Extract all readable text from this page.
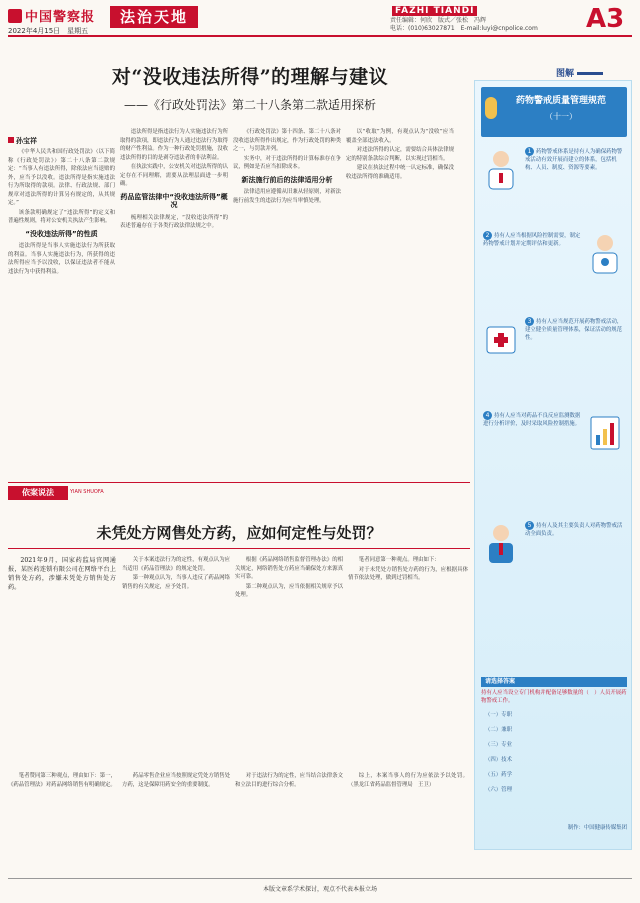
中国警察报	法治天地
2022年4月15日　星期五
FAZHI TIANDI
责任编辑：何欣　版式／张松　冯辉
电话：(010)63027871　E-mail:luyi@cnpolice.com	A3
对“没收违法所得”的理解与建议
——《行政处罚法》第二十八条第二款适用探析
孙宝祥

《中华人民共和国行政处罚法》（以下简称《行政处罚法》）第二十八条第二款规定：“当事人有违法所得，除依法应当退赔的外，应当予以没收。违法所得是指实施违法行为所取得的款项。法律、行政法规、部门规章对违法所得的计算另有规定的，从其规定。”

该条款明确规定了“违法所得”的定义和普遍性规则，将对公安机关执法产生影响。

“没收违法所得”的性质

违法所得是当事人实施违法行为所获取的利益。当事人实施违法行为，所获得的违法所得应当予以没收，以保证违法者不能从违法行为中获得利益。

违法所得是指违法行为人实施违法行为所取得的款项，即违法行为人通过违法行为取得的财产性利益。作为一种行政处罚措施，没收违法所得的目的是剥夺违法者的非法利益。

在执法实践中，公安机关对违法所得的认定存在不同理解，需要从法理层面进一步明确。

药品监管法律中“没收违法所得”概况

梳理相关法律规定，“没收违法所得”的表述普遍存在于各类行政法律法规之中。

《行政处罚法》第十四条、第二十八条对没收违法所得作出规定，作为行政处罚的种类之一，与罚款并列。

实务中，对于违法所得的计算标准存在争议，例如是否应当扣除成本。

新法施行前后的法律适用分析

法律适用应遵循从旧兼从轻原则，对新法施行前发生的违法行为应当审慎处理。

以“收取”为例，有观点认为“没收”应当覆盖全部违法收入。

对违法所得的认定，需要结合具体法律规定的特别条款综合判断，以实现过罚相当。

建议在执法过程中统一认定标准，确保没收违法所得的准确适用。

图解
药物警戒质量管理规范
（十一）
1 药物警戒体系是持有人为确保药物警戒活动有效开展而建立的体系，包括机构、人员、制度、资源等要素。
2 持有人应当根据风险控制需要，制定药物警戒计划并定期评估和更新。
3 持有人应当规范开展药物警戒活动，建立健全质量管理体系，保证活动的规范性。
4 持有人应当对药品不良反应监测数据进行分析评价，及时采取风险控制措施。
5 持有人及其主要负责人对药物警戒活动全面负责。
请选择答案
持有人应当设立专门机构并配备足够数量的（　）人员开展药物警戒工作。
（一）专职
（二）兼职
（三）专业
（四）技术
（五）药学
（六）管理
制作：中国健康传媒集团
依案说法	YIAN SHUOFA
未凭处方网售处方药，应如何定性与处罚？

2021年9月，国家药监局官网通报，某医药连锁有限公司在网络平台上销售处方药，涉嫌未凭处方销售处方药。

关于本案违法行为的定性，有观点认为应当适用《药品管理法》的规定处罚。

第一种观点认为，当事人违反了药品网络销售的有关规定，应予处罚。

根据《药品网络销售监督管理办法》的相关规定，网络销售处方药应当确保处方来源真实可靠。

第二种观点认为，应当依据相关规章予以处理。

笔者同意第一种观点。理由如下：

对于未凭处方销售处方药的行为，应根据具体情节依法处理，做到过罚相当。

笔者赞同第三种观点，理由如下：第一，《药品管理法》对药品网络销售有明确规定。

药品零售企业应当按照规定凭处方销售处方药，这是保障用药安全的重要制度。

对于违法行为的定性，应当结合法律条文和立法目的进行综合分析。

综上，本案当事人的行为应依法予以处罚。（黑龙江省药品监督管理局　王卫）

本版文章系学术探讨，观点不代表本报立场
